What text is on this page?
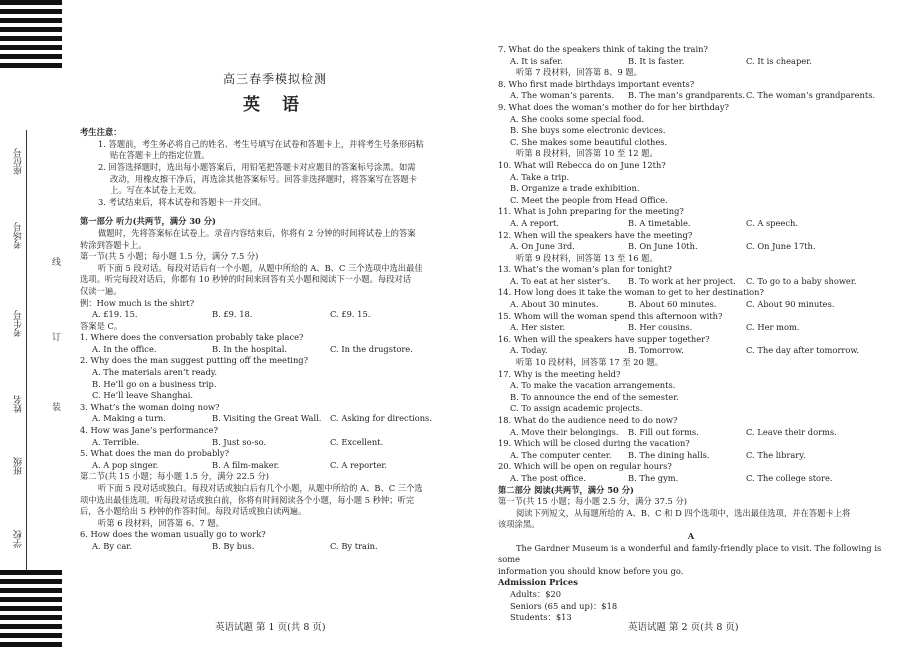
座位号
考场号
考生号
姓名
班级
学校
线
订
装
高三春季模拟检测
英 语
考生注意：
1. 答题前，考生务必将自己的姓名、考生号填写在试卷和答题卡上，并将考生号条形码粘
贴在答题卡上的指定位置。
2. 回答选择题时，选出每小题答案后，用铅笔把答题卡对应题目的答案标号涂黑。如需
改动，用橡皮擦干净后，再选涂其他答案标号。回答非选择题时，将答案写在答题卡
上。写在本试卷上无效。
3. 考试结束后，将本试卷和答题卡一并交回。
第一部分 听力(共两节，满分 30 分)
做题时，先将答案标在试卷上。录音内容结束后，你将有 2 分钟的时间将试卷上的答案
转涂到答题卡上。
第一节(共 5 小题；每小题 1.5 分，满分 7.5 分)
听下面 5 段对话。每段对话后有一个小题，从题中所给的 A、B、C 三个选项中选出最佳
选项。听完每段对话后，你都有 10 秒钟的时间来回答有关小题和阅读下一小题。每段对话
仅读一遍。
例：How much is the shirt?
A. £19. 15.	B. £9. 18.	C. £9. 15.
答案是 C。
1. Where does the conversation probably take place?
A. In the office.	B. In the hospital.	C. In the drugstore.
2. Why does the man suggest putting off the meeting?
A. The materials aren’t ready.
B. He’ll go on a business trip.
C. He’ll leave Shanghai.
3. What’s the woman doing now?
A. Making a turn.	B. Visiting the Great Wall.	C. Asking for directions.
4. How was Jane’s performance?
A. Terrible.	B. Just so-so.	C. Excellent.
5. What does the man do probably?
A. A pop singer.	B. A film-maker.	C. A reporter.
第二节(共 15 小题；每小题 1.5 分，满分 22.5 分)
听下面 5 段对话或独白。每段对话或独白后有几个小题，从题中所给的 A、B、C 三个选
项中选出最佳选项。听每段对话或独白前，你将有时间阅读各个小题，每小题 5 秒钟；听完
后，各小题给出 5 秒钟的作答时间。每段对话或独白读两遍。
听第 6 段材料，回答第 6、7 题。
6. How does the woman usually go to work?
A. By car.	B. By bus.	C. By train.
7. What do the speakers think of taking the train?
A. It is safer.	B. It is faster.	C. It is cheaper.
听第 7 段材料，回答第 8、9 题。
8. Who first made birthdays important events?
A. The woman’s parents.	B. The man’s grandparents. C. The woman’s grandparents.
9. What does the woman’s mother do for her birthday?
A. She cooks some special food.
B. She buys some electronic devices.
C. She makes some beautiful clothes.
听第 8 段材料，回答第 10 至 12 题。
10. What will Rebecca do on June 12th?
A. Take a trip.
B. Organize a trade exhibition.
C. Meet the people from Head Office.
11. What is John preparing for the meeting?
A. A report.	B. A timetable.	C. A speech.
12. When will the speakers have the meeting?
A. On June 3rd.	B. On June 10th.	C. On June 17th.
听第 9 段材料，回答第 13 至 16 题。
13. What’s the woman’s plan for tonight?
A. To eat at her sister’s.	B. To work at her project.	C. To go to a baby shower.
14. How long does it take the woman to get to her destination?
A. About 30 minutes.	B. About 60 minutes.	C. About 90 minutes.
15. Whom will the woman spend this afternoon with?
A. Her sister.	B. Her cousins.	C. Her mom.
16. When will the speakers have supper together?
A. Today.	B. Tomorrow.	C. The day after tomorrow.
听第 10 段材料，回答第 17 至 20 题。
17. Why is the meeting held?
A. To make the vacation arrangements.
B. To announce the end of the semester.
C. To assign academic projects.
18. What do the audience need to do now?
A. Move their belongings.	B. Fill out forms.	C. Leave their dorms.
19. Which will be closed during the vacation?
A. The computer center.	B. The dining halls.	C. The library.
20. Which will be open on regular hours?
A. The post office.	B. The gym.	C. The college store.
第二部分 阅读(共两节，满分 50 分)
第一节(共 15 小题；每小题 2.5 分，满分 37.5 分)
阅读下列短文，从每题所给的 A、B、C 和 D 四个选项中，选出最佳选项，并在答题卡上将
该项涂黑。
A
The Gardner Museum is a wonderful and family-friendly place to visit. The following is some
information you should know before you go.
Admission Prices
Adults：$20
Seniors (65 and up)：$18
Students：$13
英语试题 第 1 页(共 8 页)	英语试题 第 2 页(共 8 页)
